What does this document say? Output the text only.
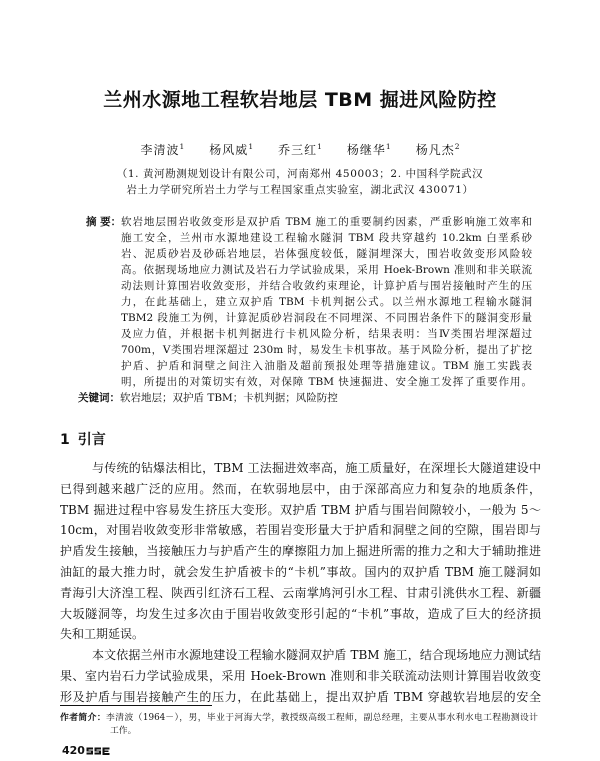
兰州水源地工程软岩地层 TBM 掘进风险防控
李清波$^1$ 杨风威$^1$ 乔三红$^1$ 杨继华$^1$ 杨凡杰$^2$
（1. 黄河勘测规划设计有限公司，河南郑州 450003；2. 中国科学院武汉
岩土力学研究所岩土力学与工程国家重点实验室，湖北武汉 430071）
摘 要： 软岩地层围岩收敛变形是双护盾 TBM 施工的重要制约因素，严重影响施工效率和
施工安全，兰州市水源地建设工程输水隧洞 TBM 段共穿越约 10.2km 白垩系砂
岩、泥质砂岩及砂砾岩地层，岩体强度较低，隧洞埋深大，围岩收敛变形风险较
高。依据现场地应力测试及岩石力学试验成果，采用 Hoek-Brown 准则和非关联流
动法则计算围岩收敛变形，并结合收敛约束理论，计算护盾与围岩接触时产生的压
力，在此基础上，建立双护盾 TBM 卡机判据公式。以兰州水源地工程输水隧洞
TBM2 段施工为例，计算泥质砂岩洞段在不同埋深、不同围岩条件下的隧洞变形量
及应力值，并根据卡机判据进行卡机风险分析，结果表明：当Ⅳ类围岩埋深超过
700m，Ⅴ类围岩埋深超过 230m 时，易发生卡机事故。基于风险分析，提出了扩挖
护盾、护盾和洞壁之间注入油脂及超前预报处理等措施建议。TBM 施工实践表
明，所提出的对策切实有效，对保障 TBM 快速掘进、安全施工发挥了重要作用。
关键词：软岩地层；双护盾 TBM；卡机判据；风险防控
1 引言
与传统的钻爆法相比，TBM 工法掘进效率高，施工质量好，在深埋长大隧道建设中
已得到越来越广泛的应用。然而，在软弱地层中，由于深部高应力和复杂的地质条件，
TBM 掘进过程中容易发生挤压大变形。双护盾 TBM 护盾与围岩间隙较小，一般为 5～
10cm，对围岩收敛变形非常敏感，若围岩变形量大于护盾和洞壁之间的空隙，围岩即与
护盾发生接触，当接触压力与护盾产生的摩擦阻力加上掘进所需的推力之和大于辅助推进
油缸的最大推力时，就会发生护盾被卡的“卡机”事故。国内的双护盾 TBM 施工隧洞如
青海引大济湟工程、陕西引红济石工程、云南掌鸠河引水工程、甘肃引洮供水工程、新疆
大坂隧洞等，均发生过多次由于围岩收敛变形引起的“卡机”事故，造成了巨大的经济损
失和工期延误。
本文依据兰州市水源地建设工程输水隧洞双护盾 TBM 施工，结合现场地应力测试结
果、室内岩石力学试验成果，采用 Hoek-Brown 准则和非关联流动法则计算围岩收敛变
形及护盾与围岩接触产生的压力，在此基础上，提出双护盾 TBM 穿越软岩地层的安全
作者简介：李清波（1964－），男，毕业于河海大学，教授级高级工程师，副总经理，主要从事水利水电工程勘测设计
工作。
420
